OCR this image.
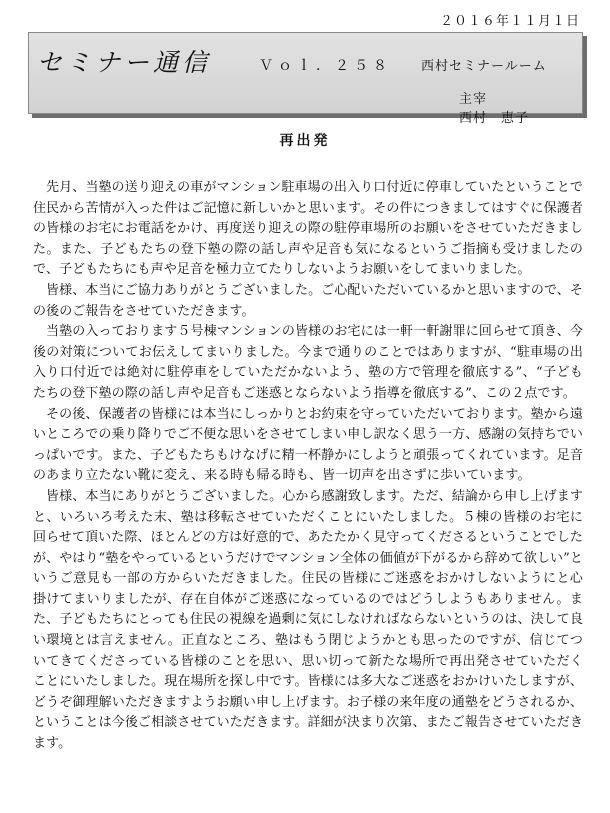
２０１６年１１月１日
セミナー通信	Ｖｏｌ．２５８ 西村セミナールーム
主宰　　西村　恵子
再出発

先月、当塾の送り迎えの車がマンション駐車場の出入り口付近に停車していたということで住民から苦情が入った件はご記憶に新しいかと思います。その件につきましてはすぐに保護者の皆様のお宅にお電話をかけ、再度送り迎えの際の駐停車場所のお願いをさせていただきました。また、子どもたちの登下塾の際の話し声や足音も気になるというご指摘も受けましたので、子どもたちにも声や足音を極力立てたりしないようお願いをしてまいりました。

皆様、本当にご協力ありがとうございました。ご心配いただいているかと思いますので、その後のご報告をさせていただきます。

当塾の入っております５号棟マンションの皆様のお宅には一軒一軒謝罪に回らせて頂き、今後の対策についてお伝えしてまいりました。今まで通りのことではありますが、“駐車場の出入り口付近では絶対に駐停車をしていただかないよう、塾の方で管理を徹底する”、“子どもたちの登下塾の際の話し声や足音もご迷惑とならないよう指導を徹底する”、この２点です。

その後、保護者の皆様には本当にしっかりとお約束を守っていただいております。塾から遠いところでの乗り降りでご不便な思いをさせてしまい申し訳なく思う一方、感謝の気持ちでいっぱいです。また、子どもたちもけなげに精一杯静かにしようと頑張ってくれています。足音のあまり立たない靴に変え、来る時も帰る時も、皆一切声を出さずに歩いています。

皆様、本当にありがとうございました。心から感謝致します。ただ、結論から申し上げますと、いろいろ考えた末、塾は移転させていただくことにいたしました。５棟の皆様のお宅に回らせて頂いた際、ほとんどの方は好意的で、あたたかく見守ってくださるということでしたが、やはり“塾をやっているというだけでマンション全体の価値が下がるから辞めて欲しい”というご意見も一部の方からいただきました。住民の皆様にご迷惑をおかけしないようにと心掛けてまいりましたが、存在自体がご迷惑になっているのではどうしようもありません。また、子どもたちにとっても住民の視線を過剰に気にしなければならないというのは、決して良い環境とは言えません。正直なところ、塾はもう閉じようかとも思ったのですが、信じてついてきてくださっている皆様のことを思い、思い切って新たな場所で再出発させていただくことにいたしました。現在場所を探し中です。皆様には多大なご迷惑をおかけいたしますが、どうぞ御理解いただきますようお願い申し上げます。お子様の来年度の通塾をどうされるか、ということは今後ご相談させていただきます。詳細が決まり次第、またご報告させていただきます。
